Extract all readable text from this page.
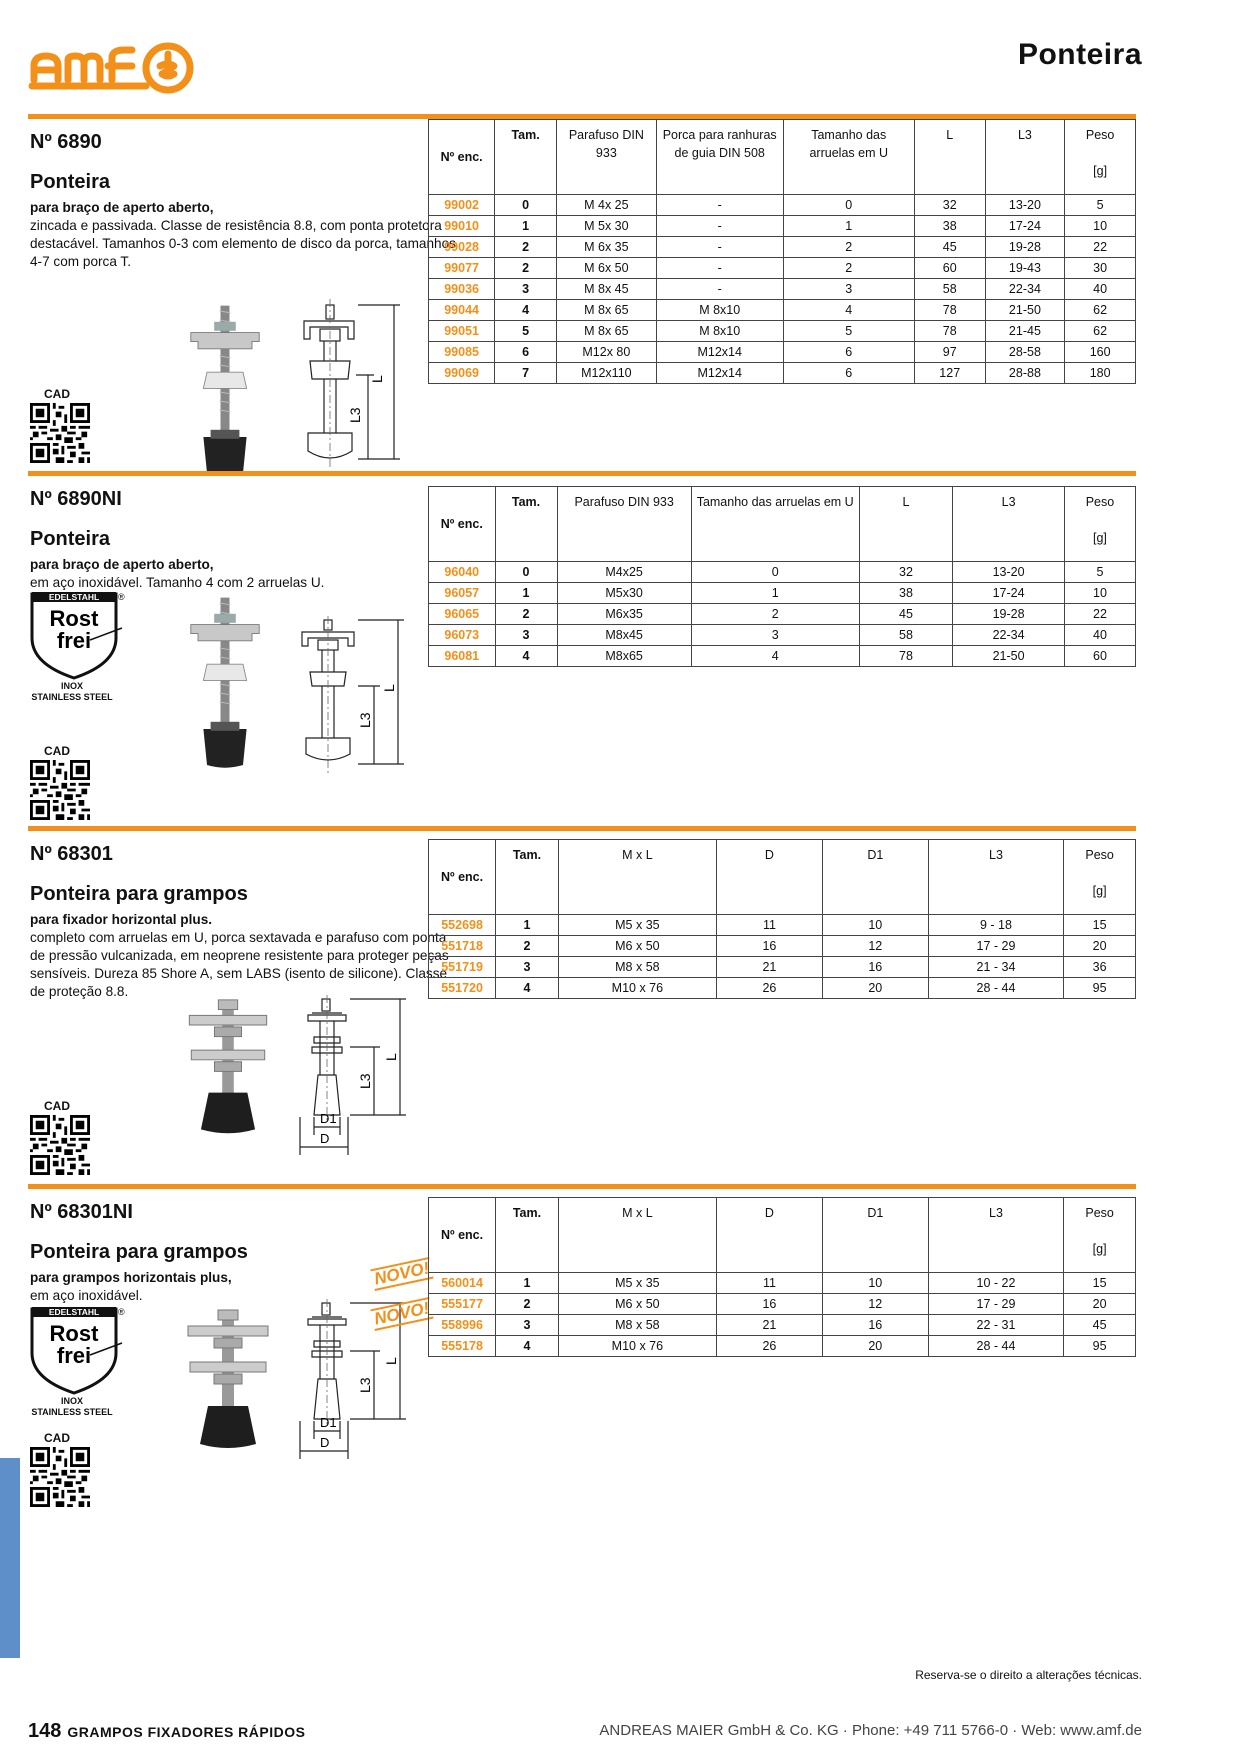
Ponteira
Nº 6890
Ponteira
para braço de aperto aberto,
zincada e passivada. Classe de resistência 8.8, com ponta protetora destacável. Tamanhos 0-3 com elemento de disco da porca, tamanhos 4-7 com porca T.
L
L3
CAD
Nº enc.	Tam.	Parafuso DIN 933	Porca para ranhuras de guia DIN 508	Tamanho das arruelas em U	L	L3	Peso

[g]
99002	0	M 4x 25	-	0	32	13-20	5
99010	1	M 5x 30	-	1	38	17-24	10
99028	2	M 6x 35	-	2	45	19-28	22
99077	2	M 6x 50	-	2	60	19-43	30
99036	3	M 8x 45	-	3	58	22-34	40
99044	4	M 8x 65	M 8x10	4	78	21-50	62
99051	5	M 8x 65	M 8x10	5	78	21-45	62
99085	6	M12x 80	M12x14	6	97	28-58	160
99069	7	M12x110	M12x14	6	127	28-88	180
Nº 6890NI
Ponteira
para braço de aperto aberto,
em aço inoxidável. Tamanho 4 com 2 arruelas U.
EDELSTAHL ®
Rost
frei
INOX
STAINLESS STEEL
L
L3
CAD
Nº enc.	Tam.	Parafuso DIN 933	Tamanho das arruelas em U	L	L3	Peso

[g]
96040	0	M4x25	0	32	13-20	5
96057	1	M5x30	1	38	17-24	10
96065	2	M6x35	2	45	19-28	22
96073	3	M8x45	3	58	22-34	40
96081	4	M8x65	4	78	21-50	60
Nº 68301
Ponteira para grampos
para fixador horizontal plus.
completo com arruelas em U, porca sextavada e parafuso com ponta de pressão vulcanizada, em neoprene resistente para proteger peças sensíveis. Dureza 85 Shore A, sem LABS (isento de silicone). Classe de proteção 8.8.
L
L3
D1
D
CAD
Nº enc.	Tam.	M x L	D	D1	L3	Peso

[g]
552698	1	M5 x 35	11	10	9 - 18	15
551718	2	M6 x 50	16	12	17 - 29	20
551719	3	M8 x 58	21	16	21 - 34	36
551720	4	M10 x 76	26	20	28 - 44	95
Nº 68301NI
Ponteira para grampos
para grampos horizontais plus,
em aço inoxidável.
EDELSTAHL ®
Rost
frei
INOX
STAINLESS STEEL
L
L3
D1
D
CAD
NOVO!
NOVO!
Nº enc.	Tam.	M x L	D	D1	L3	Peso

[g]
560014	1	M5 x 35	11	10	10 - 22	15
555177	2	M6 x 50	16	12	17 - 29	20
558996	3	M8 x 58	21	16	22 - 31	45
555178	4	M10 x 76	26	20	28 - 44	95
Reserva-se o direito a alterações técnicas.
148 GRAMPOS FIXADORES RÁPIDOS	ANDREAS MAIER GmbH & Co. KG · Phone: +49 711 5766-0 · Web: www.amf.de
